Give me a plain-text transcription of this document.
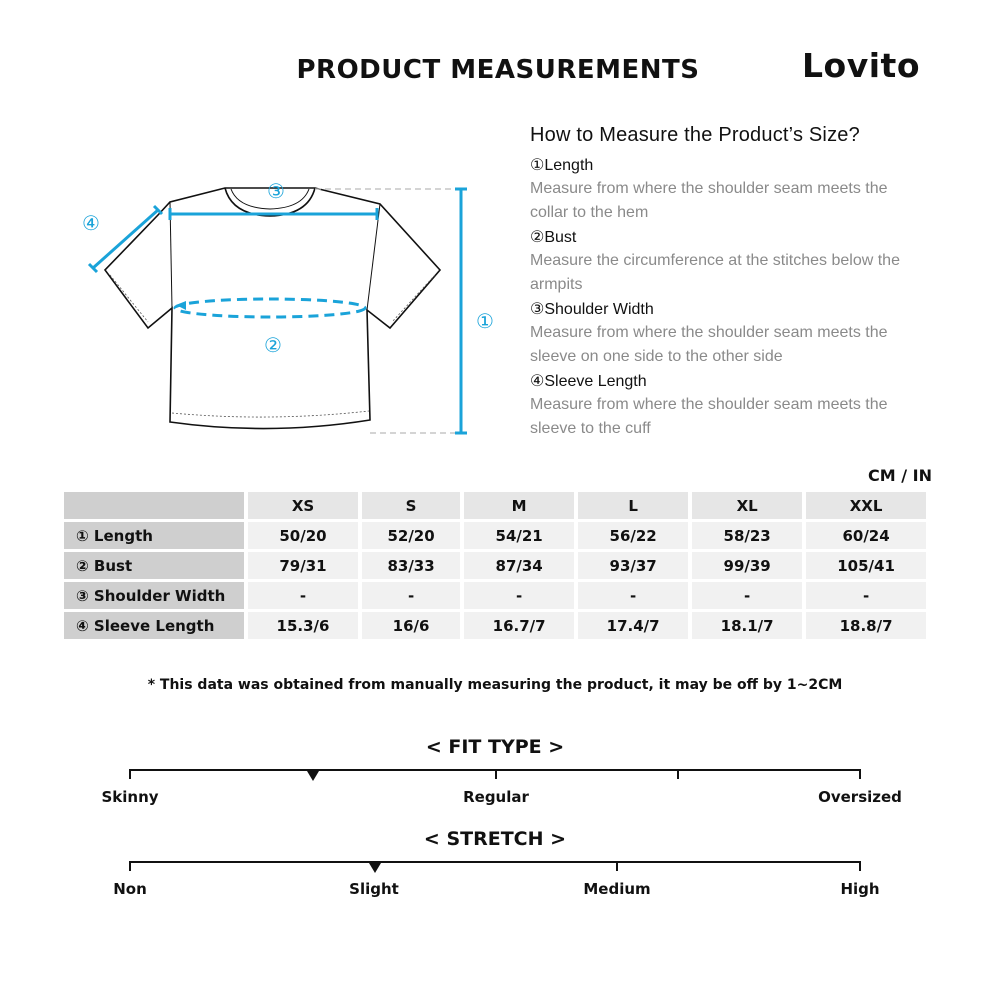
PRODUCT MEASUREMENTS	Lovito
①
②
③
④
How to Measure the Product’s Size?
①Length
Measure from where the shoulder seam meets the collar to the hem
②Bust
Measure the circumference at the stitches below the armpits
③Shoulder Width
Measure from where the shoulder seam meets the sleeve on one side to the other side
④Sleeve Length
Measure from where the shoulder seam meets the sleeve to the cuff
CM / IN
	XS	S	M	L	XL	XXL
① Length	50/20	52/20	54/21	56/22	58/23	60/24
② Bust	79/31	83/33	87/34	93/37	99/39	105/41
③ Shoulder Width	-	-	-	-	-	-
④ Sleeve Length	15.3/6	16/6	16.7/7	17.4/7	18.1/7	18.8/7
* This data was obtained from manually measuring the product, it may be off by 1~2CM
< FIT TYPE >
Skinny	Regular	Oversized
< STRETCH >
Non	Slight	Medium	High
